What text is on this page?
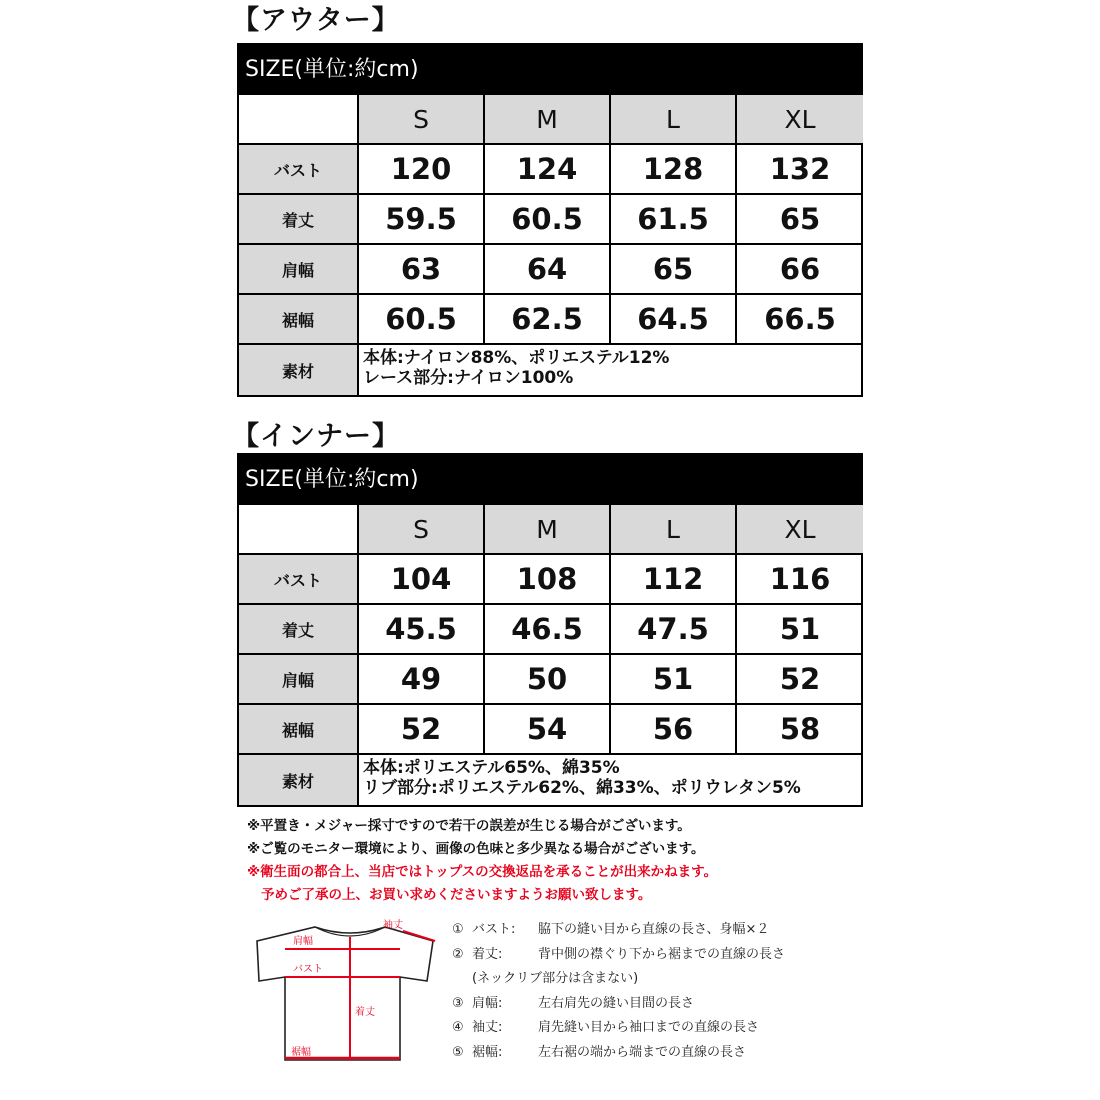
【アウター】
SIZE(単位:約cm)
S	M	L	XL
バスト	120	124	128	132
着丈	59.5	60.5	61.5	65
肩幅	63	64	65	66
裾幅	60.5	62.5	64.5	66.5
素材
本体:ナイロン88%、ポリエステル12%
レース部分:ナイロン100%
【インナー】
SIZE(単位:約cm)
S	M	L	XL
バスト	104	108	112	116
着丈	45.5	46.5	47.5	51
肩幅	49	50	51	52
裾幅	52	54	56	58
素材
本体:ポリエステル65%、綿35%
リブ部分:ポリエステル62%、綿33%、ポリウレタン5%
※平置き・メジャー採寸ですので若干の誤差が生じる場合がございます。
※ご覧のモニター環境により、画像の色味と多少異なる場合がございます。
※衛生面の都合上、当店ではトップスの交換返品を承ることが出来かねます。
予めご了承の上、お買い求めくださいますようお願い致します。
肩幅
袖丈
バスト
着丈
裾幅
① バスト:	脇下の縫い目から直線の長さ、身幅×２
② 着丈:	背中側の襟ぐり下から裾までの直線の長さ
(ネックリブ部分は含まない)
③ 肩幅:	左右肩先の縫い目間の長さ
④ 袖丈:	肩先縫い目から袖口までの直線の長さ
⑤ 裾幅:	左右裾の端から端までの直線の長さ
